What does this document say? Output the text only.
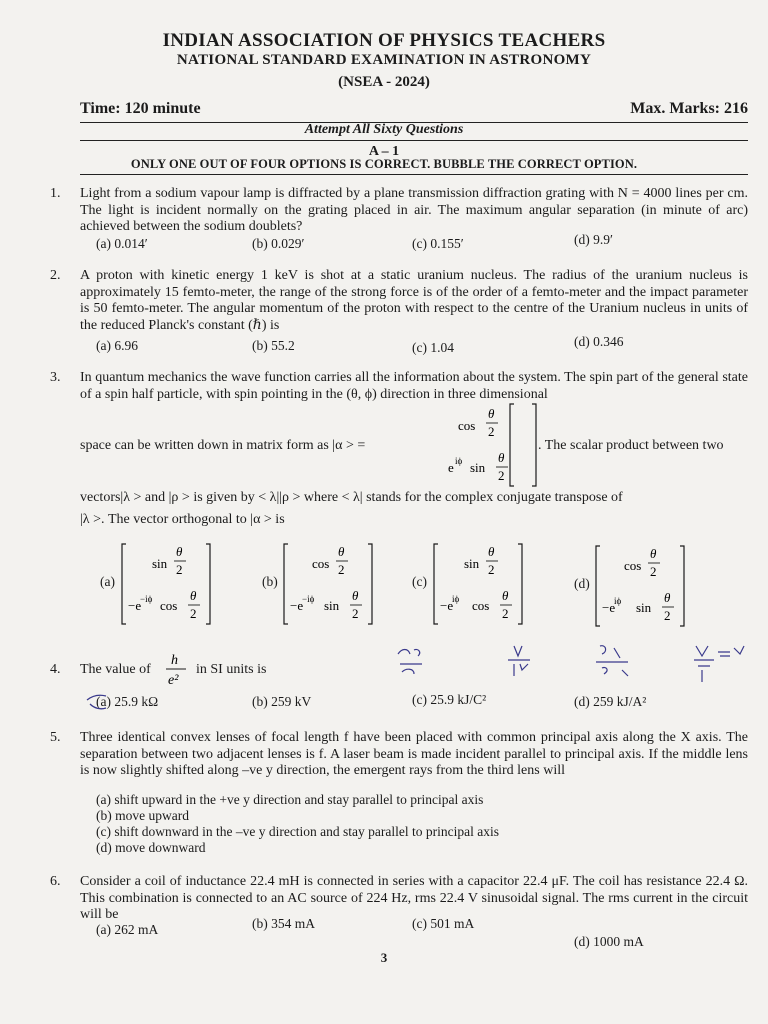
INDIAN ASSOCIATION OF PHYSICS TEACHERS
NATIONAL STANDARD EXAMINATION IN ASTRONOMY
(NSEA - 2024)
Time: 120 minute	Max. Marks: 216
Attempt All Sixty Questions
A – 1
ONLY ONE OUT OF FOUR OPTIONS IS CORRECT. BUBBLE THE CORRECT OPTION.
1. Light from a sodium vapour lamp is diffracted by a plane transmission diffraction grating with N = 4000 lines per cm. The light is incident normally on the grating placed in air. The maximum angular separation (in minute of arc) achieved between the sodium doublets?
(a) 0.014′	(b) 0.029′	(c) 0.155′	(d) 9.9′
2. A proton with kinetic energy 1 keV is shot at a static uranium nucleus. The radius of the uranium nucleus is approximately 15 femto-meter, the range of the strong force is of the order of a femto-meter and the impact parameter is 50 femto-meter. The angular momentum of the proton with respect to the centre of the Uranium nucleus in units of the reduced Planck's constant (ℏ) is
(a) 6.96	(b) 55.2	(c) 1.04	(d) 0.346
3. In quantum mechanics the wave function carries all the information about the system. The spin part of the general state of a spin half particle, with spin pointing in the (θ, ϕ) direction in three dimensional
space can be written down in matrix form as |α > =	. The scalar product between two
vectors|λ > and |ρ > is given by < λ||ρ > where < λ| stands for the complex conjugate transpose of
|λ >. The vector orthogonal to |α > is
cos
θ
2
e iϕ sin
θ
2
(a)
sin
θ
2
−e
−iϕ cos
θ
2
(b)
cos
θ
2
−e
−iϕ sin
θ
2
(c)
sin
θ
2
−e
iϕ cos
θ
2
(d)
cos
θ
2
−e
iϕ sin
θ
2
4. The value of
h
e²
in SI units is
(a) 25.9 kΩ	(b) 259 kV	(c) 25.9 kJ/C²	(d) 259 kJ/A²
5. Three identical convex lenses of focal length f have been placed with common principal axis along the X axis. The separation between two adjacent lenses is f. A laser beam is made incident parallel to principal axis. If the middle lens is now slightly shifted along –ve y direction, the emergent rays from the third lens will
(a) shift upward in the +ve y direction and stay parallel to principal axis
(b) move upward
(c) shift downward in the –ve y direction and stay parallel to principal axis
(d) move downward
6. Consider a coil of inductance 22.4 mH is connected in series with a capacitor 22.4 μF. The coil has resistance 22.4 Ω. This combination is connected to an AC source of 224 Hz, rms 22.4 V sinusoidal signal. The rms current in the circuit will be
(a) 262 mA	(b) 354 mA	(c) 501 mA
(d) 1000 mA
3
